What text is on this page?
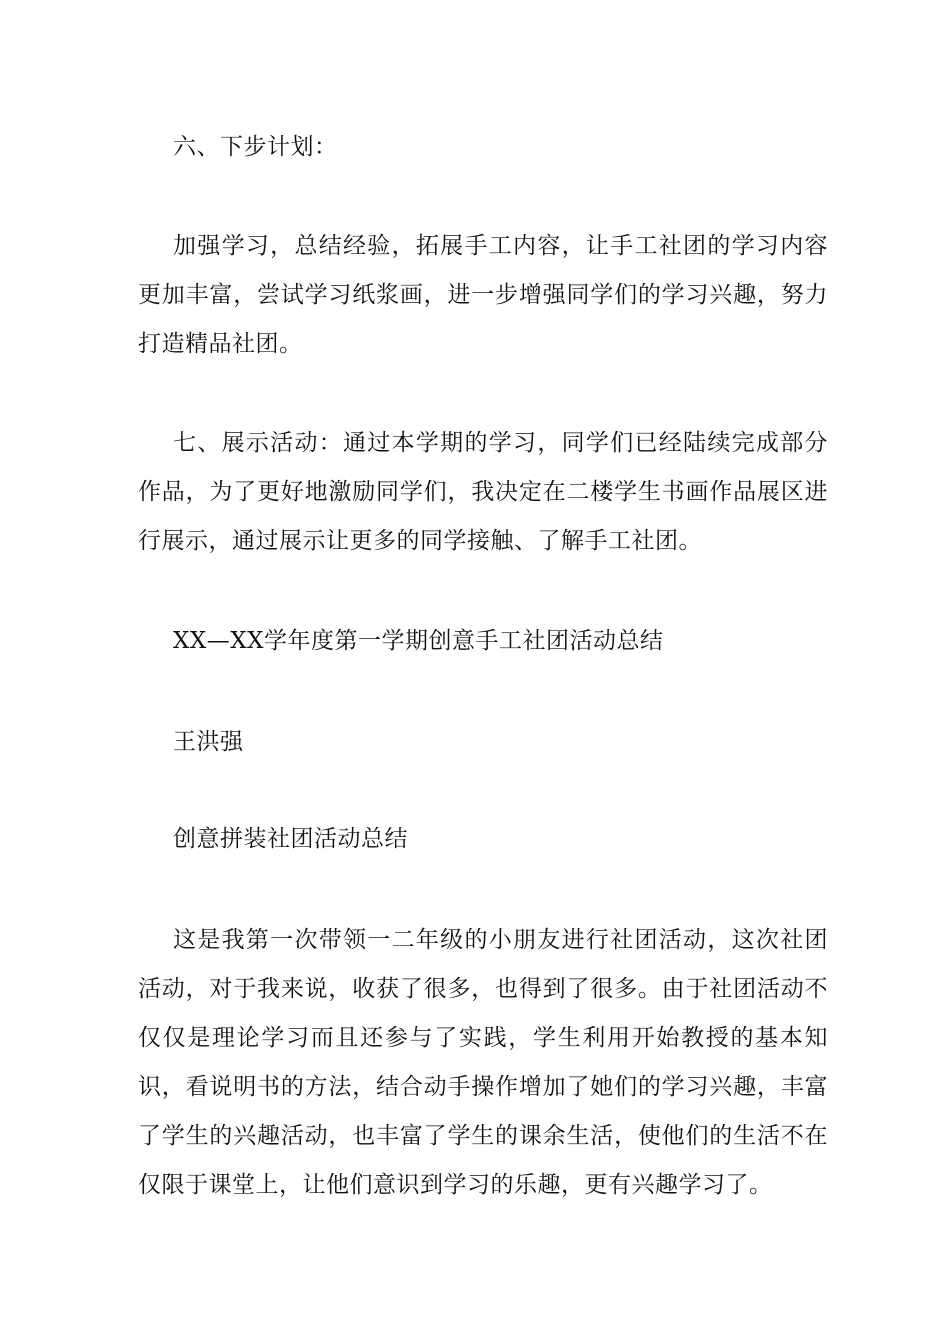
六、下步计划：

加强学习，总结经验，拓展手工内容，让手工社团的学习内容更加丰富，尝试学习纸浆画，进一步增强同学们的学习兴趣，努力打造精品社团。

七、展示活动：通过本学期的学习，同学们已经陆续完成部分作品，为了更好地激励同学们，我决定在二楼学生书画作品展区进行展示，通过展示让更多的同学接触、了解手工社团。

XX—XX学年度第一学期创意手工社团活动总结

王洪强

创意拼装社团活动总结

这是我第一次带领一二年级的小朋友进行社团活动，这次社团活动，对于我来说，收获了很多，也得到了很多。由于社团活动不仅仅是理论学习而且还参与了实践，学生利用开始教授的基本知识，看说明书的方法，结合动手操作增加了她们的学习兴趣，丰富了学生的兴趣活动，也丰富了学生的课余生活，使他们的生活不在仅限于课堂上，让他们意识到学习的乐趣，更有兴趣学习了。
